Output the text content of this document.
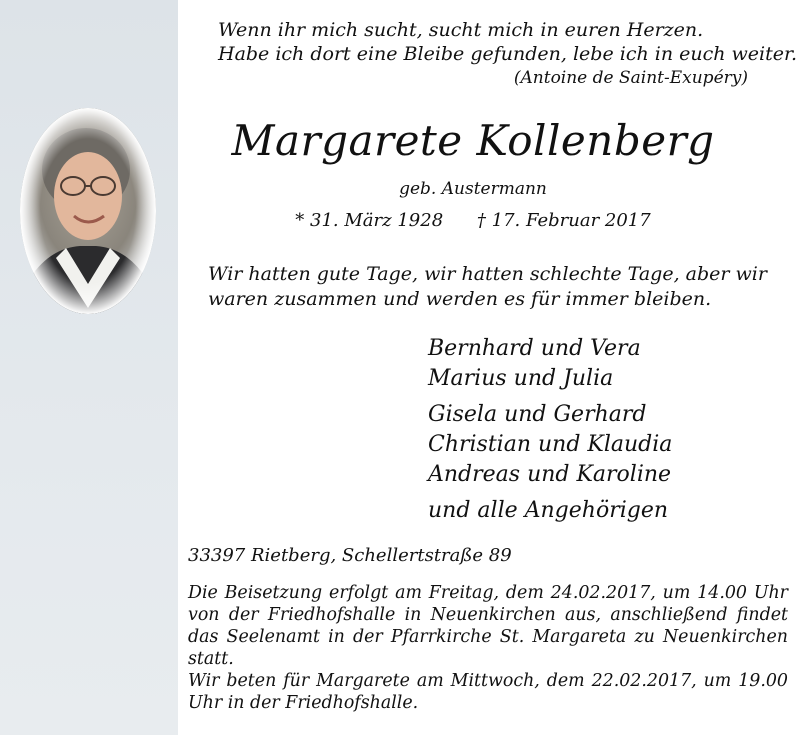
Wenn ihr mich sucht, sucht mich in euren Herzen.
Habe ich dort eine Bleibe gefunden, lebe ich in euch weiter.
(Antoine de Saint-Exupéry)
Margarete Kollenberg
geb. Austermann
* 31. März 1928 † 17. Februar 2017
Wir hatten gute Tage, wir hatten schlechte Tage, aber wir waren zusammen und werden es für immer bleiben.
Bernhard und Vera
Marius und Julia
Gisela und Gerhard
Christian und Klaudia
Andreas und Karoline
und alle Angehörigen
33397 Rietberg, Schellertstraße 89

Die Beisetzung erfolgt am Freitag, dem 24.02.2017, um 14.00 Uhr von der Friedhofshalle in Neuenkirchen aus, anschließend findet das Seelenamt in der Pfarrkirche St. Margareta zu Neuenkirchen statt.

Wir beten für Margarete am Mittwoch, dem 22.02.2017, um 19.00 Uhr in der Friedhofshalle.
